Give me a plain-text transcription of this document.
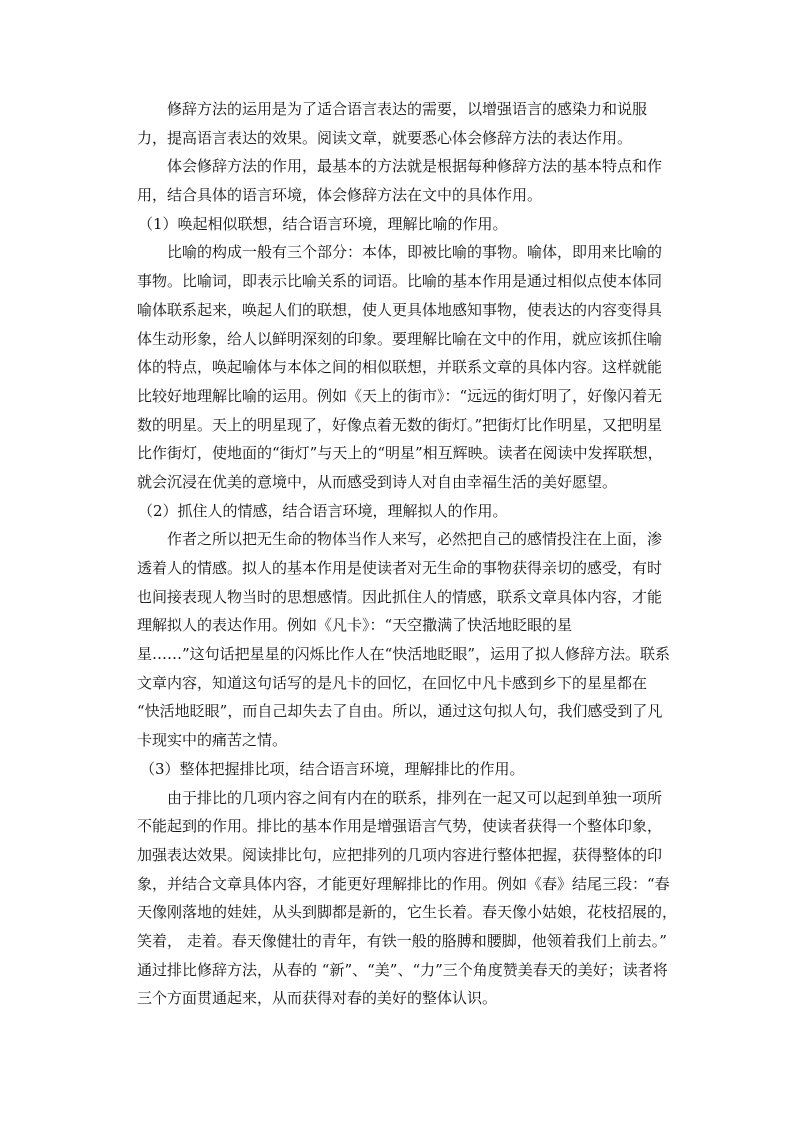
修辞方法的运用是为了适合语言表达的需要，以增强语言的感染力和说服
力，提高语言表达的效果。阅读文章，就要悉心体会修辞方法的表达作用。
体会修辞方法的作用，最基本的方法就是根据每种修辞方法的基本特点和作
用，结合具体的语言环境，体会修辞方法在文中的具体作用。
（1）唤起相似联想，结合语言环境，理解比喻的作用。
比喻的构成一般有三个部分：本体，即被比喻的事物。喻体，即用来比喻的
事物。比喻词，即表示比喻关系的词语。比喻的基本作用是通过相似点使本体同
喻体联系起来，唤起人们的联想，使人更具体地感知事物，使表达的内容变得具
体生动形象，给人以鲜明深刻的印象。要理解比喻在文中的作用，就应该抓住喻
体的特点，唤起喻体与本体之间的相似联想，并联系文章的具体内容。这样就能
比较好地理解比喻的运用。例如《天上的街市》：“远远的街灯明了，好像闪着无
数的明星。天上的明星现了，好像点着无数的街灯。”把街灯比作明星，又把明星
比作街灯，使地面的“街灯”与天上的“明星”相互辉映。读者在阅读中发挥联想，
就会沉浸在优美的意境中，从而感受到诗人对自由幸福生活的美好愿望。
（2）抓住人的情感，结合语言环境，理解拟人的作用。
作者之所以把无生命的物体当作人来写，必然把自己的感情投注在上面，渗
透着人的情感。拟人的基本作用是使读者对无生命的事物获得亲切的感受，有时
也间接表现人物当时的思想感情。因此抓住人的情感，联系文章具体内容，才能
理解拟人的表达作用。例如《凡卡》：“天空撒满了快活地眨眼的星
星……”这句话把星星的闪烁比作人在“快活地眨眼”，运用了拟人修辞方法。联系
文章内容，知道这句话写的是凡卡的回忆，在回忆中凡卡感到乡下的星星都在
“快活地眨眼”，而自己却失去了自由。所以，通过这句拟人句，我们感受到了凡
卡现实中的痛苦之情。
（3）整体把握排比项，结合语言环境，理解排比的作用。
由于排比的几项内容之间有内在的联系，排列在一起又可以起到单独一项所
不能起到的作用。排比的基本作用是增强语言气势，使读者获得一个整体印象，
加强表达效果。阅读排比句，应把排列的几项内容进行整体把握，获得整体的印
象，并结合文章具体内容，才能更好理解排比的作用。例如《春》结尾三段：“春
天像刚落地的娃娃，从头到脚都是新的，它生长着。春天像小姑娘，花枝招展的，
笑着， 走着。春天像健壮的青年，有铁一般的胳膊和腰脚，他领着我们上前去。”
通过排比修辞方法，从春的 “新”、“美”、“力”三个角度赞美春天的美好；读者将
三个方面贯通起来，从而获得对春的美好的整体认识。
